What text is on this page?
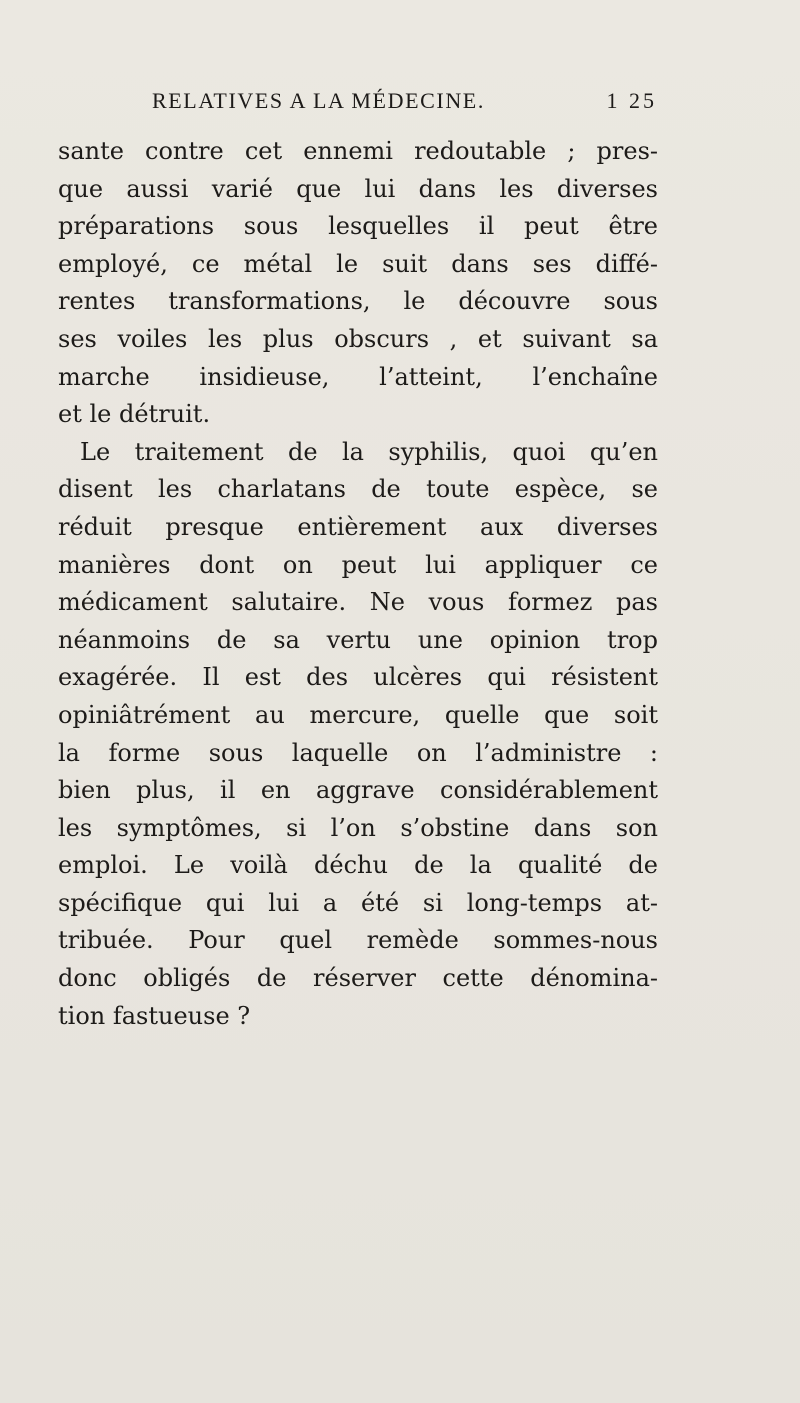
RELATIVES A LA MÉDECINE.	1 25
sante contre cet ennemi redoutable ; pres-
que aussi varié que lui dans les diverses
préparations sous lesquelles il peut être
employé, ce métal le suit dans ses diffé-
rentes transformations, le découvre sous
ses voiles les plus obscurs , et suivant sa
marche insidieuse, l’atteint, l’enchaîne
et le détruit.
Le traitement de la syphilis, quoi qu’en
disent les charlatans de toute espèce, se
réduit presque entièrement aux diverses
manières dont on peut lui appliquer ce
médicament salutaire. Ne vous formez pas
néanmoins de sa vertu une opinion trop
exagérée. Il est des ulcères qui résistent
opiniâtrément au mercure, quelle que soit
la forme sous laquelle on l’administre :
bien plus, il en aggrave considérablement
les symptômes, si l’on s’obstine dans son
emploi. Le voilà déchu de la qualité de
spécifique qui lui a été si long-temps at-
tribuée. Pour quel remède sommes-nous
donc obligés de réserver cette dénomina-
tion fastueuse ?
